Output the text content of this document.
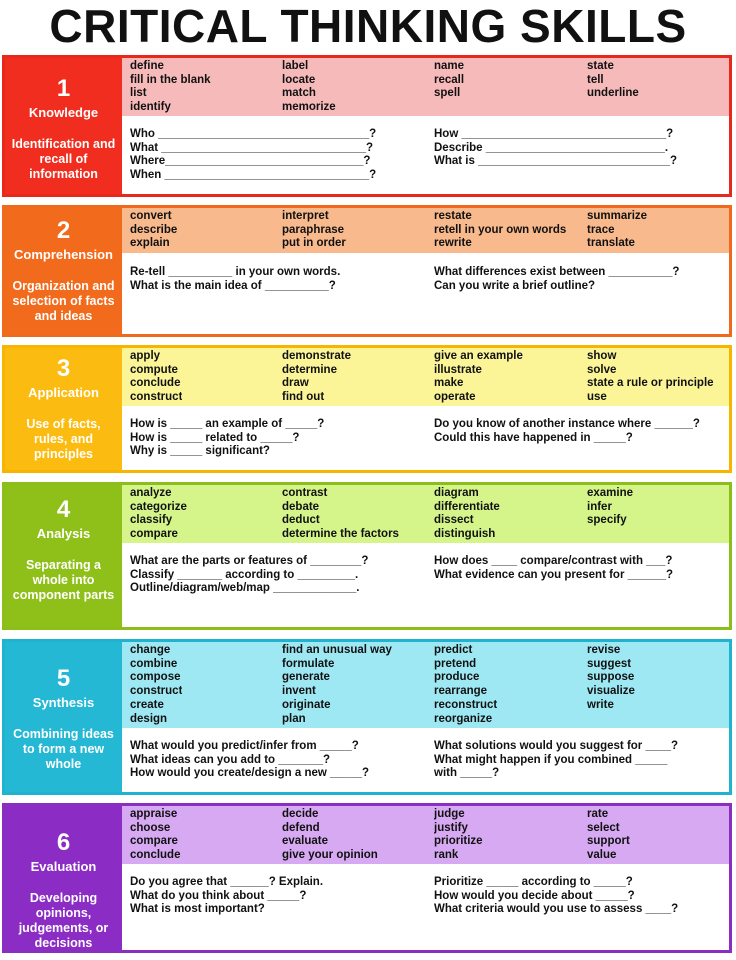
CRITICAL THINKING SKILLS
1
Knowledge
Identification and recall of information
define
fill in the blank
list
identify
label
locate
match
memorize
name
recall
spell
state
tell
underline
Who _________________________________?
What ________________________________?
Where_______________________________?
When ________________________________?
How ________________________________?
Describe ____________________________.
What is ______________________________?
2
Comprehension
Organization and selection of facts and ideas
convert
describe
explain
interpret
paraphrase
put in order
restate
retell in your own words
rewrite
summarize
trace
translate
Re-tell __________ in your own words.
What is the main idea of __________?
What differences exist between __________?
Can you write a brief outline?
3
Application
Use of facts, rules, and principles
apply
compute
conclude
construct
demonstrate
determine
draw
find out
give an example
illustrate
make
operate
show
solve
state a rule or principle
use
How is _____ an example of _____?
How is _____ related to _____?
Why is _____ significant?
Do you know of another instance where ______?
Could this have happened in _____?
4
Analysis
Separating a whole into component parts
analyze
categorize
classify
compare
contrast
debate
deduct
determine the factors
diagram
differentiate
dissect
distinguish
examine
infer
specify
What are the parts or features of ________?
Classify _______ according to _________.
Outline/diagram/web/map _____________.
How does ____ compare/contrast with ___?
What evidence can you present for ______?
5
Synthesis
Combining ideas to form a new whole
change
combine
compose
construct
create
design
find an unusual way
formulate
generate
invent
originate
plan
predict
pretend
produce
rearrange
reconstruct
reorganize
revise
suggest
suppose
visualize
write
What would you predict/infer from _____?
What ideas can you add to _______?
How would you create/design a new _____?
What solutions would you suggest for ____?
What might happen if you combined _____
with _____?
6
Evaluation
Developing opinions, judgements, or decisions
appraise
choose
compare
conclude
decide
defend
evaluate
give your opinion
judge
justify
prioritize
rank
rate
select
support
value
Do you agree that ______? Explain.
What do you think about _____?
What is most important?
Prioritize _____ according to _____?
How would you decide about _____?
What criteria would you use to assess ____?
